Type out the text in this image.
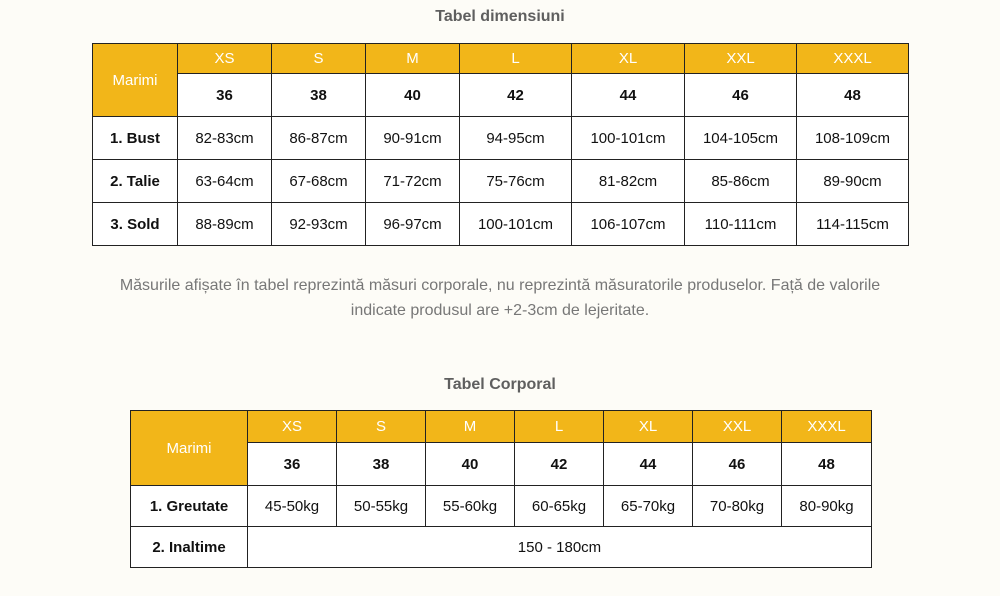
Tabel dimensiuni
Marimi	XS	S	M	L	XL	XXL	XXXL
	36	38	40	42	44	46	48
1. Bust	82-83cm	86-87cm	90-91cm	94-95cm	100-101cm	104-105cm	108-109cm
2. Talie	63-64cm	67-68cm	71-72cm	75-76cm	81-82cm	85-86cm	89-90cm
3. Sold	88-89cm	92-93cm	96-97cm	100-101cm	106-107cm	110-111cm	114-115cm
Măsurile afișate în tabel reprezintă măsuri corporale, nu reprezintă măsuratorile produselor. Față de valorile
indicate produsul are +2-3cm de lejeritate.
Tabel Corporal
Marimi	XS	S	M	L	XL	XXL	XXXL
	36	38	40	42	44	46	48
1. Greutate	45-50kg	50-55kg	55-60kg	60-65kg	65-70kg	70-80kg	80-90kg
2. Inaltime	150 - 180cm						
